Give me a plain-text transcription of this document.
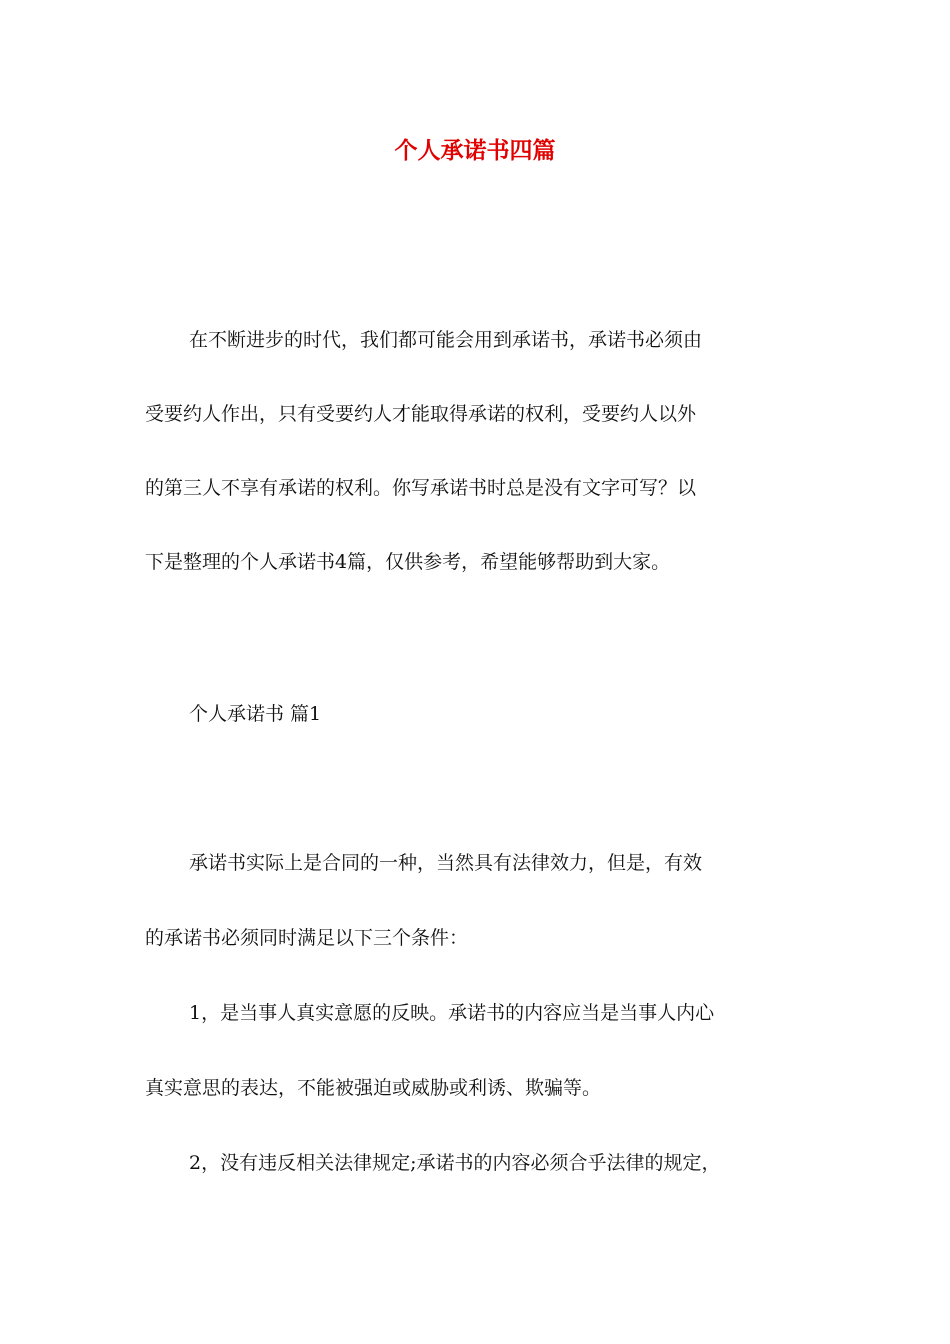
个人承诺书四篇

在不断进步的时代，我们都可能会用到承诺书，承诺书必须由

受要约人作出，只有受要约人才能取得承诺的权利，受要约人以外

的第三人不享有承诺的权利。你写承诺书时总是没有文字可写？以

下是整理的个人承诺书4篇，仅供参考，希望能够帮助到大家。

个人承诺书 篇1

承诺书实际上是合同的一种，当然具有法律效力，但是，有效

的承诺书必须同时满足以下三个条件：

1，是当事人真实意愿的反映。承诺书的内容应当是当事人内心

真实意思的表达，不能被强迫或威胁或利诱、欺骗等。

2，没有违反相关法律规定;承诺书的内容必须合乎法律的规定，
